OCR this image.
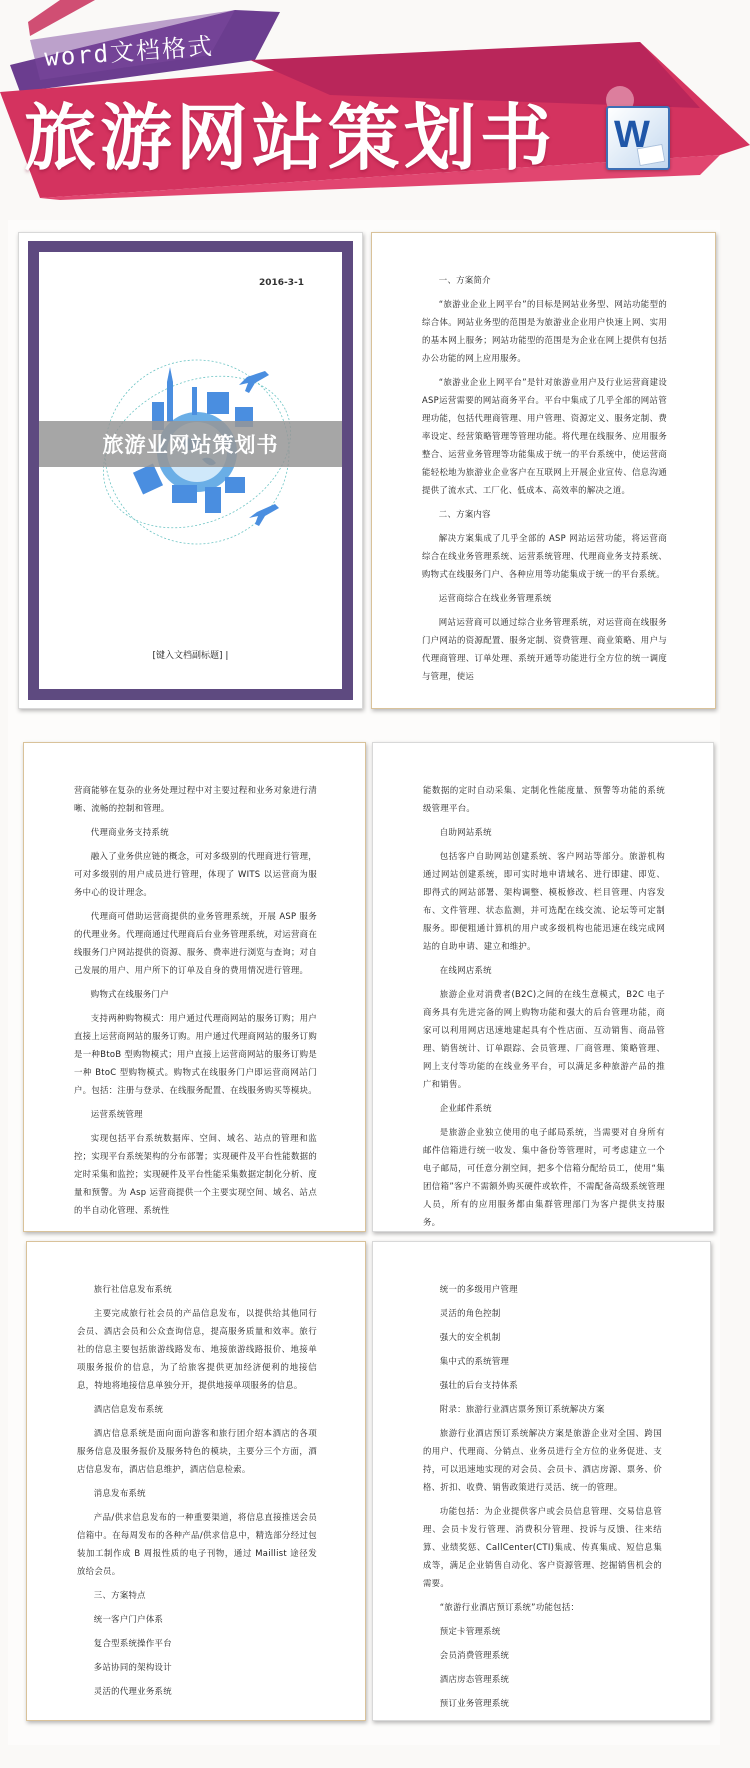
word文档格式
旅游网站策划书 W
2016-3-1
旅游业网站策划书
[键入文档副标题] |
一、方案简介
“旅游业企业上网平台”的目标是网站业务型、网站功能型的综合体。网站业务型的范围是为旅游业企业用户快速上网、实用的基本网上服务；网站功能型的范围是为企业在网上提供有包括办公功能的网上应用服务。
“旅游业企业上网平台”是针对旅游业用户及行业运营商建设ASP运营需要的网站商务平台。平台中集成了几乎全部的网站管理功能，包括代理商管理、用户管理、资源定义、服务定制、费率设定、经营策略管理等管理功能。将代理在线服务、应用服务整合、运营业务管理等功能集成于统一的平台系统中，使运营商能轻松地为旅游业企业客户在互联网上开展企业宣传、信息沟通提供了流水式、工厂化、低成本、高效率的解决之道。
二、方案内容
解决方案集成了几乎全部的 ASP 网站运营功能，将运营商综合在线业务管理系统、运营系统管理、代理商业务支持系统、购物式在线服务门户、各种应用等功能集成于统一的平台系统。
运营商综合在线业务管理系统
网站运营商可以通过综合业务管理系统，对运营商在线服务门户网站的资源配置、服务定制、资费管理、商业策略、用户与代理商管理、订单处理、系统开通等功能进行全方位的统一调度与管理，使运
营商能够在复杂的业务处理过程中对主要过程和业务对象进行清晰、流畅的控制和管理。
代理商业务支持系统
融入了业务供应链的概念，可对多级别的代理商进行管理，可对多级别的用户成员进行管理，体现了 WITS 以运营商为服务中心的设计理念。
代理商可借助运营商提供的业务管理系统，开展 ASP 服务的代理业务。代理商通过代理商后台业务管理系统，对运营商在线服务门户网站提供的资源、服务、费率进行浏览与查询；对自己发展的用户、用户所下的订单及自身的费用情况进行管理。
购物式在线服务门户
支持两种购物模式：用户通过代理商网站的服务订购；用户直接上运营商网站的服务订购。用户通过代理商网站的服务订购是一种BtoB 型购物模式；用户直接上运营商网站的服务订购是一种 BtoC 型购物模式。购物式在线服务门户即运营商网站门户。包括：注册与登录、在线服务配置、在线服务购买等模块。
运营系统管理
实现包括平台系统数据库、空间、域名、站点的管理和监控；实现平台系统架构的分布部署；实现硬件及平台性能数据的定时采集和监控；实现硬件及平台性能采集数据定制化分析、度量和预警。为 Asp 运营商提供一个主要实现空间、域名、站点的半自动化管理、系统性
能数据的定时自动采集、定制化性能度量、预警等功能的系统级管理平台。
自助网站系统
包括客户自助网站创建系统、客户网站等部分。旅游机构通过网站创建系统，即可实时地申请域名、进行即建、即览、即得式的网站部署、架构调整、模板修改、栏目管理、内容发布、文件管理、状态监测，并可选配在线交流、论坛等可定制服务。即便粗通计算机的用户或多级机构也能迅速在线完成网站的自助申请、建立和维护。
在线网店系统
旅游企业对消费者(B2C)之间的在线生意模式，B2C 电子商务具有先进完备的网上购物功能和强大的后台管理功能，商家可以利用网店迅速地建起具有个性店面、互动销售、商品管理、销售统计、订单跟踪、会员管理、厂商管理、策略管理、网上支付等功能的在线业务平台，可以满足多种旅游产品的推广和销售。
企业邮件系统
是旅游企业独立使用的电子邮局系统，当需要对自身所有邮件信箱进行统一收发、集中备份等管理时，可考虑建立一个电子邮局，可任意分割空间，把多个信箱分配给员工，使用“集团信箱”客户不需额外购买硬件或软件，不需配备高级系统管理人员，所有的应用服务都由集群管理部门为客户提供支持服务。
旅行社信息发布系统
主要完成旅行社会员的产品信息发布，以提供给其他同行会员、酒店会员和公众查询信息，提高服务质量和效率。旅行社的信息主要包括旅游线路发布、地接旅游线路报价、地接单项服务报价的信息，为了给旅客提供更加经济便利的地接信息，特地将地接信息单独分开，提供地接单项服务的信息。
酒店信息发布系统
酒店信息系统是面向面向游客和旅行团介绍本酒店的各项服务信息及服务报价及服务特色的模块，主要分三个方面，酒店信息发布，酒店信息维护，酒店信息检索。
消息发布系统
产品/供求信息发布的一种重要渠道，将信息直接推送会员信箱中。在每周发布的各种产品/供求信息中，精选部分经过包装加工制作成 B 周报性质的电子刊物，通过 Maillist 途径发放给会员。
三、方案特点
统一客户门户体系
复合型系统操作平台
多站协同的架构设计
灵活的代理业务系统
统一的多级用户管理
灵活的角色控制
强大的安全机制
集中式的系统管理
强壮的后台支持体系
附录：旅游行业酒店票务预订系统解决方案
旅游行业酒店预订系统解决方案是旅游企业对全国、跨国的用户、代理商、分销点、业务员进行全方位的业务促进、支持，可以迅速地实现的对会员、会员卡、酒店房源、票务、价格、折扣、收费、销售政策进行灵活、统一的管理。
功能包括：为企业提供客户或会员信息管理、交易信息管理、会员卡发行管理、消费积分管理、投诉与反馈、往来结算、业绩奖惩、CallCenter(CTI)集成、传真集成、短信息集成等，满足企业销售自动化、客户资源管理、挖掘销售机会的需要。
“旅游行业酒店预订系统”功能包括：
预定卡管理系统
会员消费管理系统
酒店房态管理系统
预订业务管理系统
